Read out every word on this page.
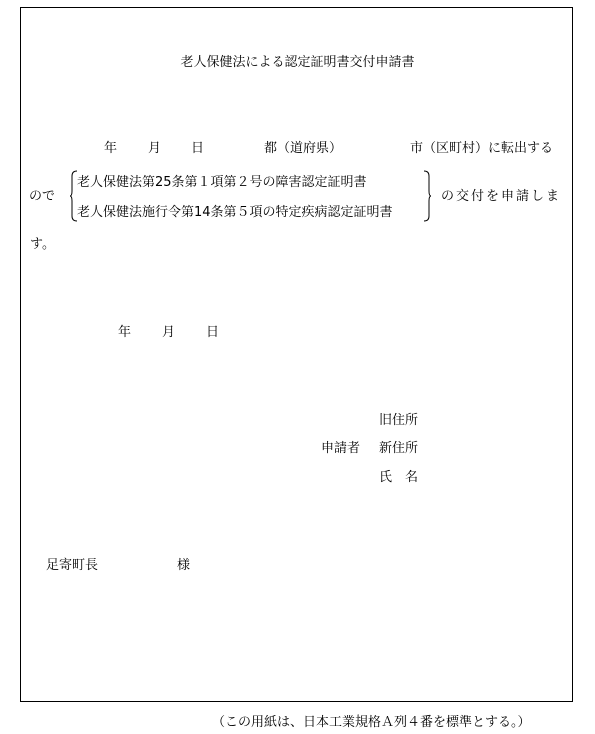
老人保健法による認定証明書交付申請書
年 月 日	都（道府県）	市（区町村）に転出する
ので
老人保健法第25条第１項第２号の障害認定証明書
老人保健法施行令第14条第５項の特定疾病認定証明書
の交付を申請しま
す。
年 月 日
旧住所
申請者 新住所
氏　名
足寄町長	様
（この用紙は、日本工業規格Ａ列４番を標準とする。）
